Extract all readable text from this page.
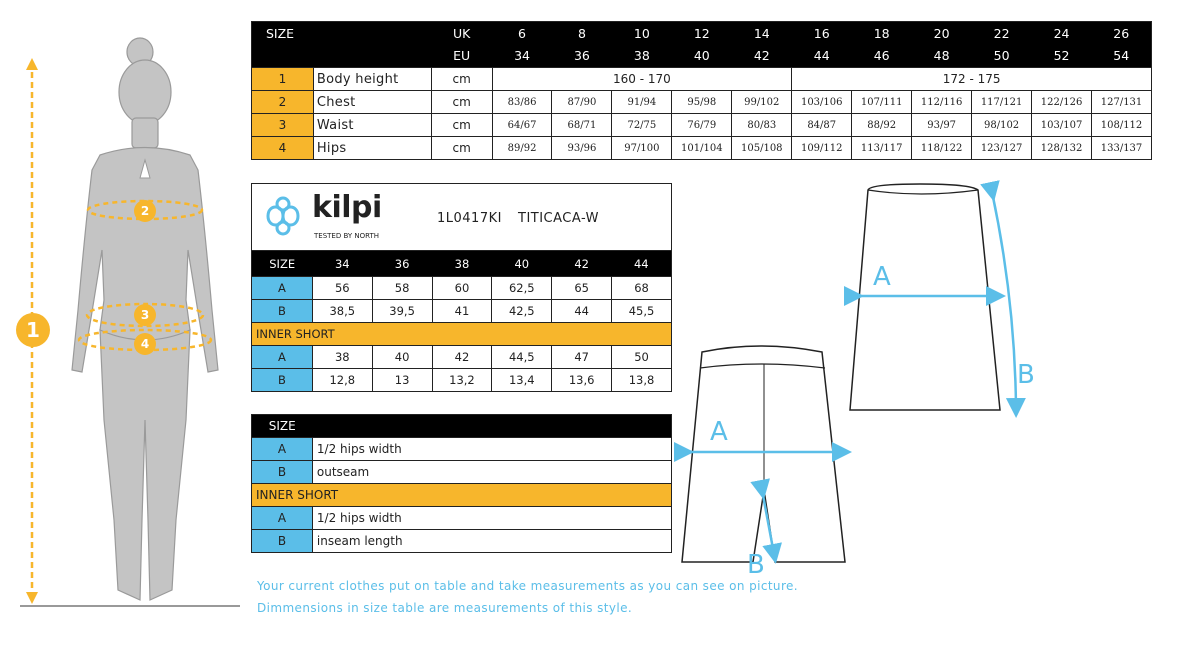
1
2
3
4
SIZE		UK	6	8	10	12	14	16	18	20	22	24	26
		EU	34	36	38	40	42	44	46	48	50	52	54
1	Body height	cm	160 - 170					172 - 175					
2	Chest	cm	83/86	87/90	91/94	95/98	99/102	103/106	107/111	112/116	117/121	122/126	127/131
3	Waist	cm	64/67	68/71	72/75	76/79	80/83	84/87	88/92	93/97	98/102	103/107	108/112
4	Hips	cm	89/92	93/96	97/100	101/104	105/108	109/112	113/117	118/122	123/127	128/132	133/137
kilpi
TESTED BY NORTH
1L0417KI TITICACA-W
SIZE	34	36	38	40	42	44
A	56	58	60	62,5	65	68
B	38,5	39,5	41	42,5	44	45,5
INNER SHORT						
A	38	40	42	44,5	47	50
B	12,8	13	13,2	13,4	13,6	13,8
SIZE	
A	1/2 hips width
B	outseam
INNER SHORT	
A	1/2 hips width
B	inseam length
A
B
A
B
Your current clothes put on table and take measurements as you can see on picture.
Dimmensions in size table are measurements of this style.
